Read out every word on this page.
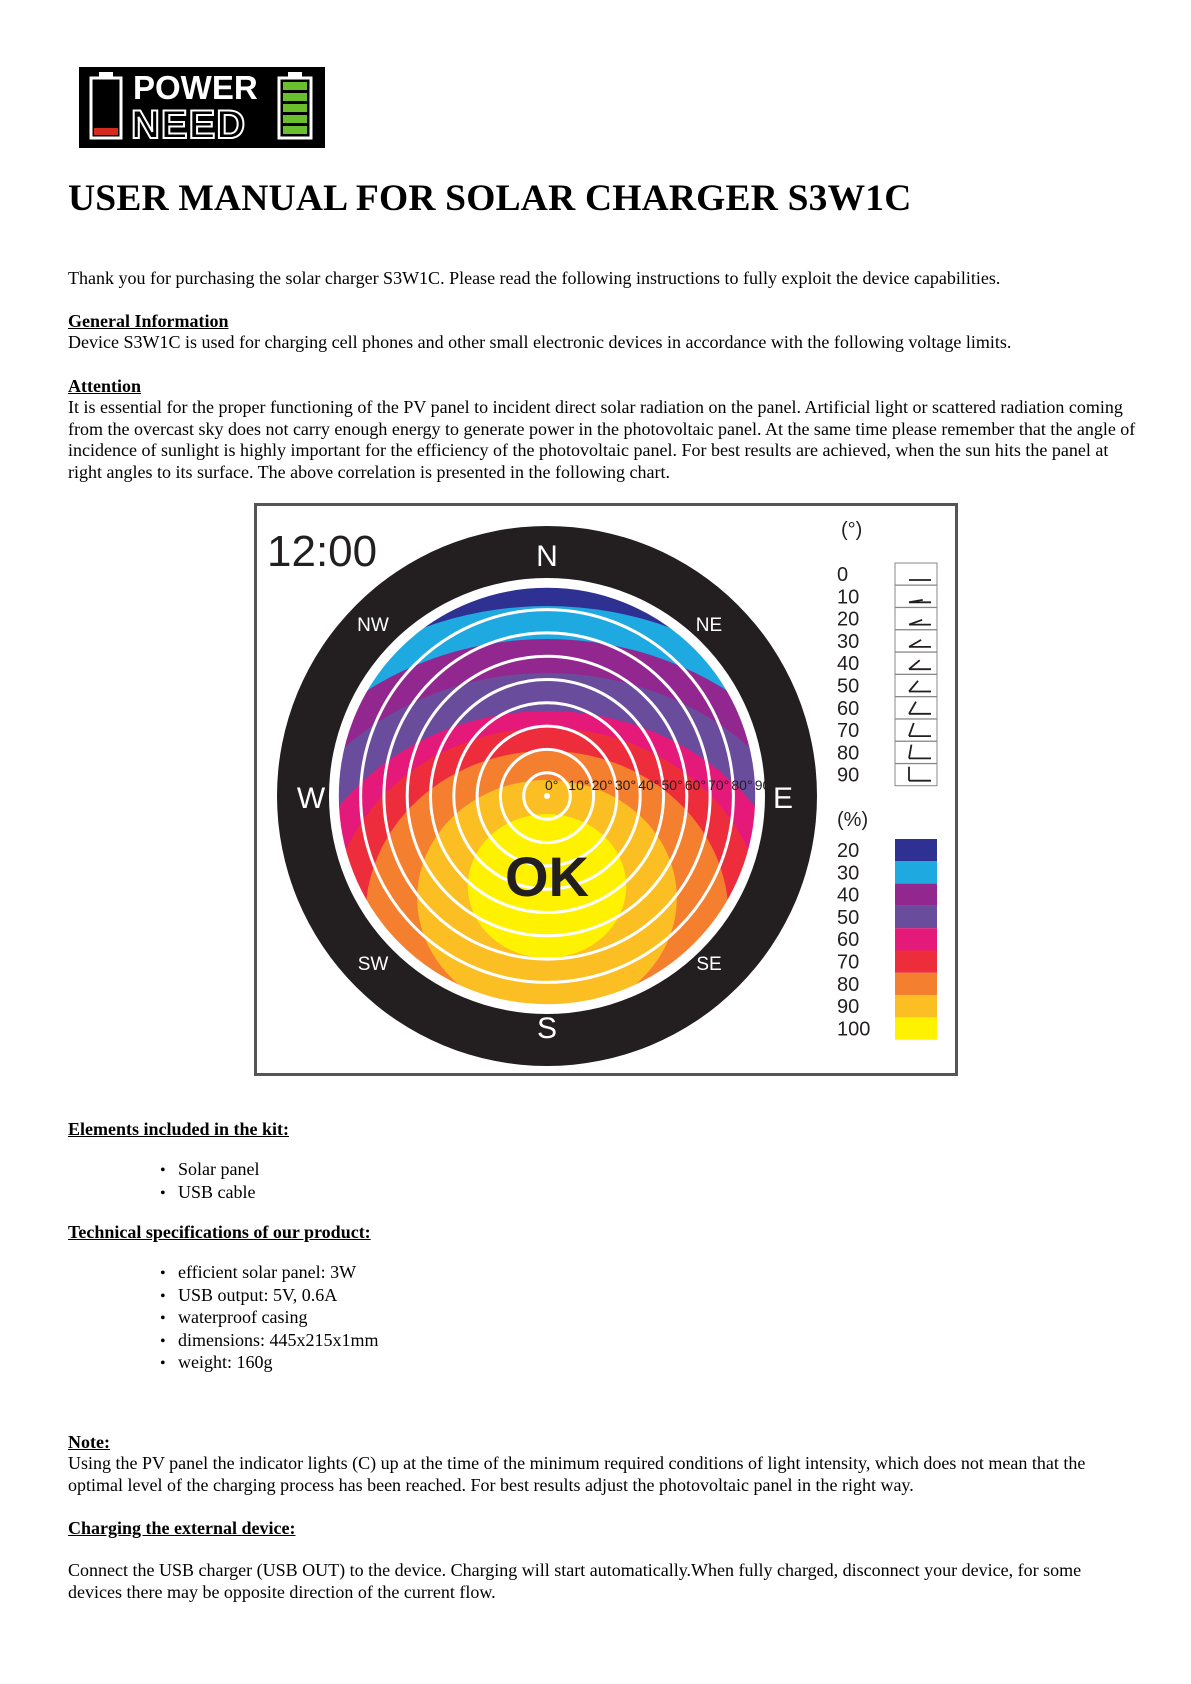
POWER
NEED
USER MANUAL FOR SOLAR CHARGER S3W1C
Thank you for purchasing the solar charger S3W1C. Please read the following instructions to fully exploit the device capabilities.
General Information
Device S3W1C is used for charging cell phones and other small electronic devices in accordance with the following voltage limits.
Attention
It is essential for the proper functioning of the PV panel to incident direct solar radiation on the panel. Artificial light or scattered radiation coming from the overcast sky does not carry enough energy to generate power in the photovoltaic panel. At the same time please remember that the angle of incidence of sunlight is highly important for the efficiency of the photovoltaic panel. For best results are achieved, when the sun hits the panel at right angles to its surface. The above correlation is presented in the following chart.
0° 10° 20° 30° 40° 50° 60° 70° 80° 90°
N
NE
E
SE
S
SW
W
NW
12:00
OK
(°)
0
10
20
30
40
50
60
70
80
90
(%)
20
30
40
50
60
70
80
90
100
Elements included in the kit:
• Solar panel
• USB cable
Technical specifications of our product:
• efficient solar panel: 3W
• USB output: 5V, 0.6A
• waterproof casing
• dimensions: 445x215x1mm
• weight: 160g
Note:
Using the PV panel the indicator lights (C) up at the time of the minimum required conditions of light intensity, which does not mean that the optimal level of the charging process has been reached. For best results adjust the photovoltaic panel in the right way.
Charging the external device:
Connect the USB charger (USB OUT) to the device. Charging will start automatically.When fully charged, disconnect your device, for some devices there may be opposite direction of the current flow.
